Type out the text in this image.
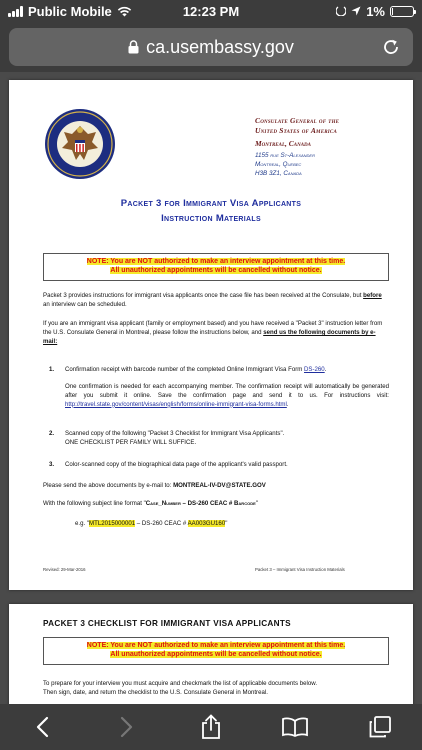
Public Mobile	12:23 PM	1%
ca.usembassy.gov
Consulate General of the
United States of America
Montreal, Canada
1155 rue St-Alexander
Montreal, Quebec
H3B 3Z1, Canada
Packet 3 for Immigrant Visa Applicants
Instruction Materials
NOTE: You are NOT authorized to make an interview appointment at this time.
All unauthorized appointments will be cancelled without notice.
Packet 3 provides instructions for immigrant visa applicants once the case file has been received at the Consulate, but before an interview can be scheduled.
If you are an immigrant visa applicant (family or employment based) and you have received a "Packet 3" instruction letter from the U.S. Consulate General in Montreal, please follow the instructions below, and send us the following documents by e-mail:
1. Confirmation receipt with barcode number of the completed Online Immigrant Visa Form DS-260.
One confirmation is needed for each accompanying member. The confirmation receipt will automatically be generated after you submit it online. Save the confirmation page and send it to us. For instructions visit: http://travel.state.gov/content/visas/english/forms/online-immigrant-visa-forms.html.
2. Scanned copy of the following "Packet 3 Checklist for Immigrant Visa Applicants".
ONE CHECKLIST PER FAMILY WILL SUFFICE.
3. Color-scanned copy of the biographical data page of the applicant's valid passport.
Please send the above documents by e-mail to: MONTREAL-IV-DV@STATE.GOV
With the following subject line format "Case_Number – DS-260 CEAC # Barcode"
e.g. "MTL2015000001 – DS-260 CEAC # AA003GU160"
Revised: 29-Mar-2016	Packet 3 – Immigrant Visa Instruction Materials
PACKET 3 CHECKLIST FOR IMMIGRANT VISA APPLICANTS
NOTE: You are NOT authorized to make an interview appointment at this time.
All unauthorized appointments will be cancelled without notice.
To prepare for your interview you must acquire and checkmark the list of applicable documents below.
Then sign, date, and return the checklist to the U.S. Consulate General in Montreal.
